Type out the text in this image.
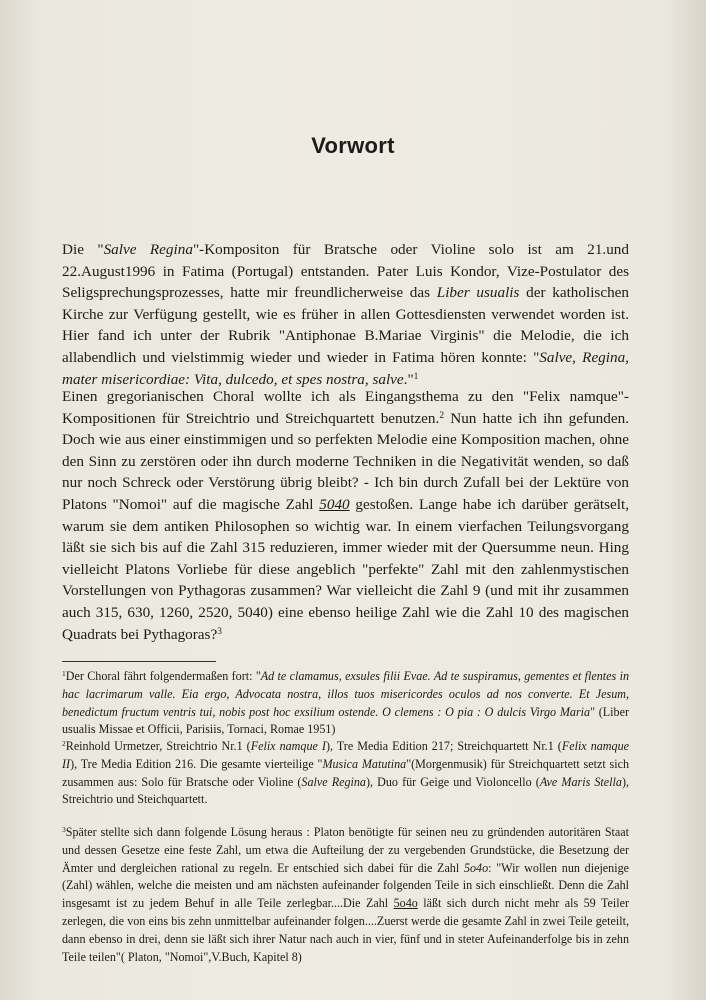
Vorwort
Die "Salve Regina"-Kompositon für Bratsche oder Violine solo ist am 21.und 22.August1996 in Fatima (Portugal) entstanden. Pater Luis Kondor, Vize-Postulator des Seligsprechungsprozesses, hatte mir freundlicherweise das Liber usualis der katholischen Kirche zur Verfügung gestellt, wie es früher in allen Gottesdiensten verwendet worden ist. Hier fand ich unter der Rubrik "Antiphonae B.Mariae Virginis" die Melodie, die ich allabendlich und vielstimmig wieder und wieder in Fatima hören konnte: "Salve, Regina, mater misericordiae: Vita, dulcedo, et spes nostra, salve."$^1$
Einen gregorianischen Choral wollte ich als Eingangsthema zu den "Felix namque"-Kompositionen für Streichtrio und Streichquartett benutzen.$^2$ Nun hatte ich ihn gefunden. Doch wie aus einer einstimmigen und so perfekten Melodie eine Komposition machen, ohne den Sinn zu zerstören oder ihn durch moderne Techniken in die Negativität wenden, so daß nur noch Schreck oder Verstörung übrig bleibt? - Ich bin durch Zufall bei der Lektüre von Platons "Nomoi" auf die magische Zahl 5040 gestoßen. Lange habe ich darüber gerätselt, warum sie dem antiken Philosophen so wichtig war. In einem vierfachen Teilungsvorgang läßt sie sich bis auf die Zahl 315 reduzieren, immer wieder mit der Quersumme neun. Hing vielleicht Platons Vorliebe für diese angeblich "perfekte" Zahl mit den zahlenmystischen Vorstellungen von Pythagoras zusammen? War vielleicht die Zahl 9 (und mit ihr zusammen auch 315, 630, 1260, 2520, 5040) eine ebenso heilige Zahl wie die Zahl 10 des magischen Quadrats bei Pythagoras?$^3$
$^1$Der Choral fährt folgendermaßen fort: "Ad te clamamus, exsules filii Evae. Ad te suspiramus, gementes et flentes in hac lacrimarum valle. Eia ergo, Advocata nostra, illos tuos misericordes oculos ad nos converte. Et Jesum, benedictum fructum ventris tui, nobis post hoc exsilium ostende. O clemens : O pia : O dulcis Virgo Maria" (Liber usualis Missae et Officii, Parisiis, Tornaci, Romae 1951)
$^2$Reinhold Urmetzer, Streichtrio Nr.1 (Felix namque I), Tre Media Edition 217; Streichquartett Nr.1 (Felix namque II), Tre Media Edition 216. Die gesamte vierteilige "Musica Matutina"(Morgenmusik) für Streichquartett setzt sich zusammen aus: Solo für Bratsche oder Violine (Salve Regina), Duo für Geige und Violoncello (Ave Maris Stella), Streichtrio und Steichquartett.
$^3$Später stellte sich dann folgende Lösung heraus : Platon benötigte für seinen neu zu gründenden autoritären Staat und dessen Gesetze eine feste Zahl, um etwa die Aufteilung der zu vergebenden Grundstücke, die Besetzung der Ämter und dergleichen rational zu regeln. Er entschied sich dabei für die Zahl 5o4o: "Wir wollen nun diejenige (Zahl) wählen, welche die meisten und am nächsten aufeinander folgenden Teile in sich einschließt. Denn die Zahl insgesamt ist zu jedem Behuf in alle Teile zerlegbar....Die Zahl 5o4o läßt sich durch nicht mehr als 59 Teiler zerlegen, die von eins bis zehn unmittelbar aufeinander folgen....Zuerst werde die gesamte Zahl in zwei Teile geteilt, dann ebenso in drei, denn sie läßt sich ihrer Natur nach auch in vier, fünf und in steter Aufeinanderfolge bis in zehn Teile teilen"( Platon, "Nomoi",V.Buch, Kapitel 8)
